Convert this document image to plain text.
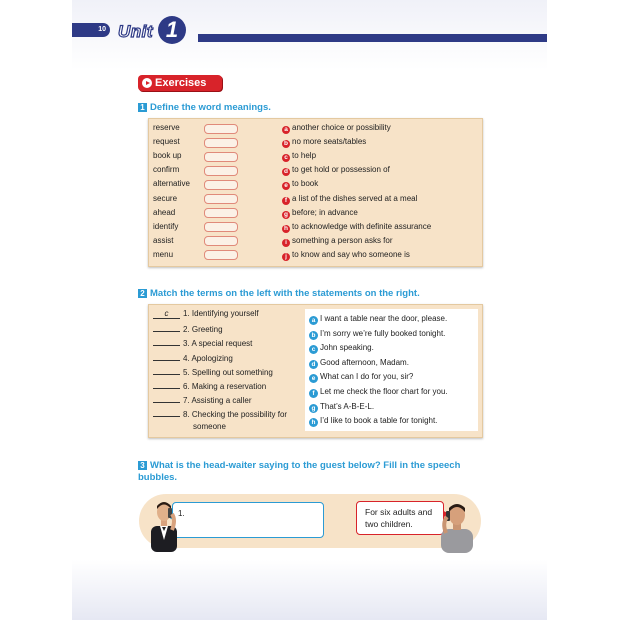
10 Unit 1
Exercises
1 Define the word meanings.
reserve	a another choice or possibility
request	b no more seats/tables
book up	c to help
confirm	d to get hold or possession of
alternative	e to book
secure	f a list of the dishes served at a meal
ahead	g before; in advance
identify	h to acknowledge with definite assurance
assist	i something a person asks for
menu	j to know and say who someone is
2 Match the terms on the left with the statements on the right.
c 1. Identifying yourself
2. Greeting
3. A special request
4. Apologizing
5. Spelling out something
6. Making a reservation
7. Assisting a caller
8. Checking the possibility for
someone
a I want a table near the door, please.
b I’m sorry we’re fully booked tonight.
c John speaking.
d Good afternoon, Madam.
e What can I do for you, sir?
f Let me check the floor chart for you.
g That’s A-B-E-L.
h I’d like to book a table for tonight.
3 What is the head-waiter saying to the guest below? Fill in the speech
bubbles.
1.	For six adults and
two children.
